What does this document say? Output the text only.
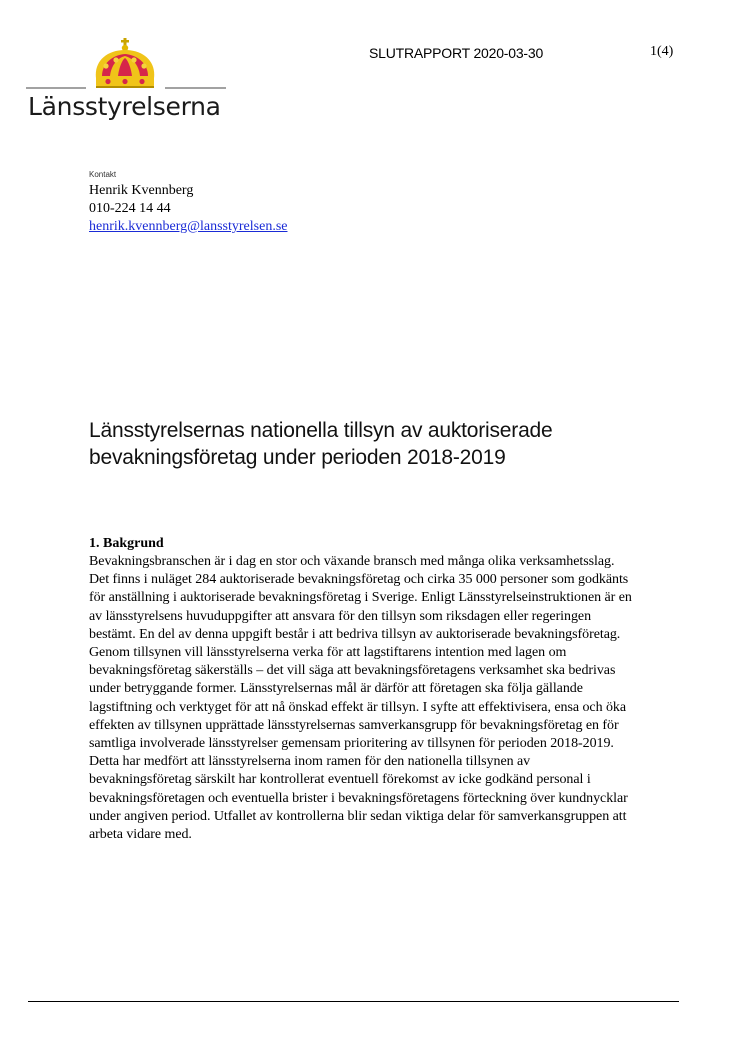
Länsstyrelserna
SLUTRAPPORT 2020-03-30	1(4)
Kontakt
Henrik Kvennberg
010-224 14 44
henrik.kvennberg@lansstyrelsen.se
Länsstyrelsernas nationella tillsyn av auktoriserade
bevakningsföretag under perioden 2018-2019
1. Bakgrund
Bevakningsbranschen är i dag en stor och växande bransch med många olika verksamhetsslag.
Det finns i nuläget 284 auktoriserade bevakningsföretag och cirka 35 000 personer som godkänts
för anställning i auktoriserade bevakningsföretag i Sverige. Enligt Länsstyrelseinstruktionen är en
av länsstyrelsens huvuduppgifter att ansvara för den tillsyn som riksdagen eller regeringen
bestämt. En del av denna uppgift består i att bedriva tillsyn av auktoriserade bevakningsföretag.
Genom tillsynen vill länsstyrelserna verka för att lagstiftarens intention med lagen om
bevakningsföretag säkerställs – det vill säga att bevakningsföretagens verksamhet ska bedrivas
under betryggande former. Länsstyrelsernas mål är därför att företagen ska följa gällande
lagstiftning och verktyget för att nå önskad effekt är tillsyn. I syfte att effektivisera, ensa och öka
effekten av tillsynen upprättade länsstyrelsernas samverkansgrupp för bevakningsföretag en för
samtliga involverade länsstyrelser gemensam prioritering av tillsynen för perioden 2018-2019.
Detta har medfört att länsstyrelserna inom ramen för den nationella tillsynen av
bevakningsföretag särskilt har kontrollerat eventuell förekomst av icke godkänd personal i
bevakningsföretagen och eventuella brister i bevakningsföretagens förteckning över kundnycklar
under angiven period. Utfallet av kontrollerna blir sedan viktiga delar för samverkansgruppen att
arbeta vidare med.
